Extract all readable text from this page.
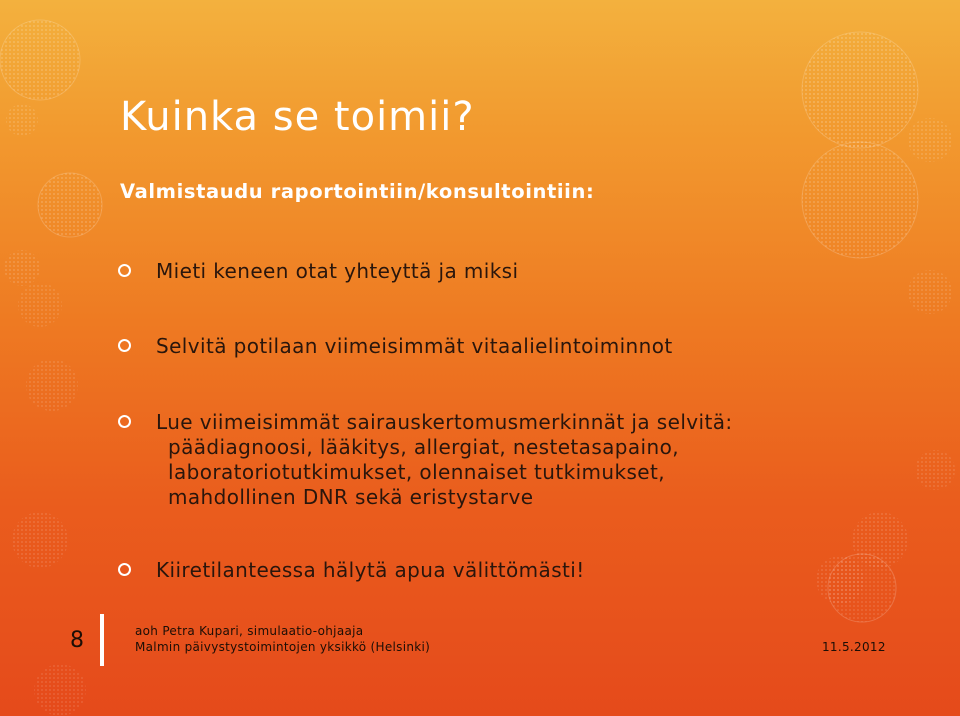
Kuinka se toimii?
Valmistaudu raportointiin/konsultointiin:
Mieti keneen otat yhteyttä ja miksi
Selvitä potilaan viimeisimmät vitaalielintoiminnot
Lue viimeisimmät sairauskertomusmerkinnät ja selvitä:
päädiagnoosi, lääkitys, allergiat, nestetasapaino,
laboratoriotutkimukset, olennaiset tutkimukset,
mahdollinen DNR sekä eristystarve
Kiiretilanteessa hälytä apua välittömästi!
8	aoh Petra Kupari, simulaatio-ohjaaja
Malmin päivystystoimintojen yksikkö (Helsinki)	11.5.2012
